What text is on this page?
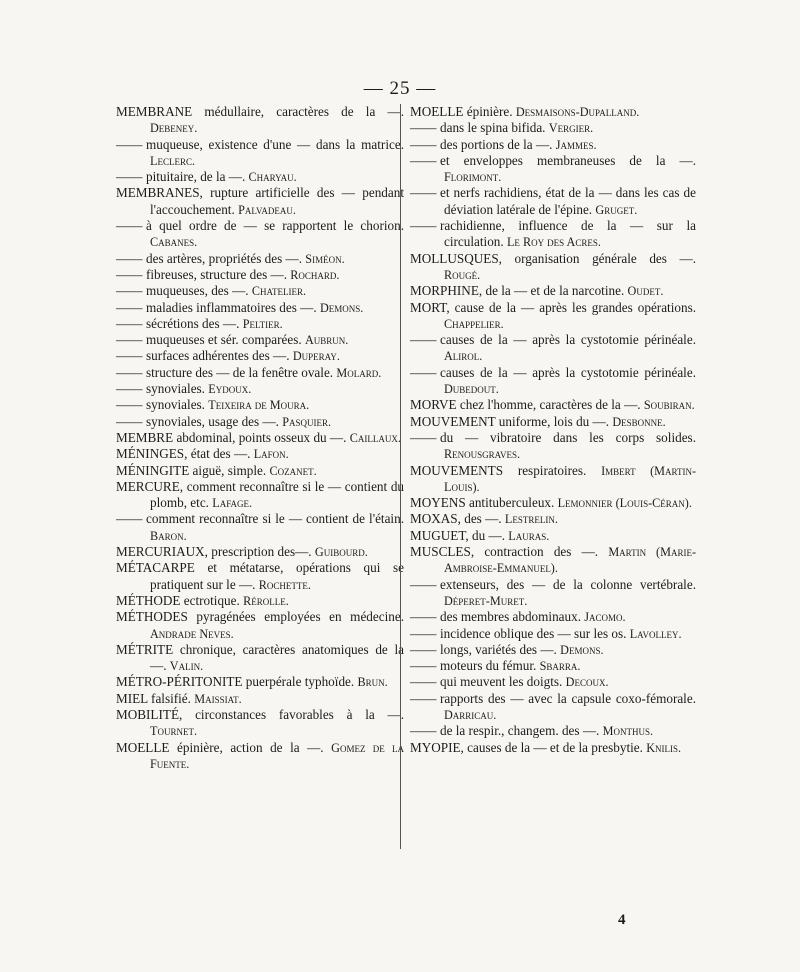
— 25 —
MEMBRANE médullaire, caractères de la —. Debeney.
—— muqueuse, existence d'une — dans la matrice. Leclerc.
—— pituitaire, de la —. Charyau.
MEMBRANES, rupture artificielle des — pendant l'accouchement. Palvadeau.
—— à quel ordre de — se rapportent le chorion. Cabanes.
—— des artères, propriétés des —. Siméon.
—— fibreuses, structure des —. Rochard.
—— muqueuses, des —. Chatelier.
—— maladies inflammatoires des —. Demons.
—— sécrétions des —. Peltier.
—— muqueuses et sér. comparées. Aubrun.
—— surfaces adhérentes des —. Duperay.
—— structure des — de la fenêtre ovale. Molard.
—— synoviales. Eydoux.
—— synoviales. Teixeira de Moura.
—— synoviales, usage des —. Pasquier.
MEMBRE abdominal, points osseux du —. Caillaux.
MÉNINGES, état des —. Lafon.
MÉNINGITE aiguë, simple. Cozanet.
MERCURE, comment reconnaître si le — contient du plomb, etc. Lafage.
—— comment reconnaître si le — contient de l'étain. Baron.
MERCURIAUX, prescription des—. Guibourd.
MÉTACARPE et métatarse, opérations qui se pratiquent sur le —. Rochette.
MÉTHODE ectrotique. Rérolle.
MÉTHODES pyragénées employées en médecine. Andrade Neves.
MÉTRITE chronique, caractères anatomiques de la —. Valin.
MÉTRO-PÉRITONITE puerpérale typhoïde. Brun.
MIEL falsifié. Maissiat.
MOBILITÉ, circonstances favorables à la —. Tournet.
MOELLE épinière, action de la —. Gomez de la Fuente.
MOELLE épinière. Desmaisons-Dupalland.
—— dans le spina bifida. Vergier.
—— des portions de la —. Jammes.
—— et enveloppes membraneuses de la —. Florimont.
—— et nerfs rachidiens, état de la — dans les cas de déviation latérale de l'épine. Gruget.
—— rachidienne, influence de la — sur la circulation. Le Roy des Acres.
MOLLUSQUES, organisation générale des —. Rougé.
MORPHINE, de la — et de la narcotine. Oudet.
MORT, cause de la — après les grandes opérations. Chappelier.
—— causes de la — après la cystotomie périnéale. Alirol.
—— causes de la — après la cystotomie périnéale. Dubedout.
MORVE chez l'homme, caractères de la —. Soubiran.
MOUVEMENT uniforme, lois du —. Desbonne.
—— du — vibratoire dans les corps solides. Renousgraves.
MOUVEMENTS respiratoires. Imbert (Martin-Louis).
MOYENS antituberculeux. Lemonnier (Louis-Céran).
MOXAS, des —. Lestrelin.
MUGUET, du —. Lauras.
MUSCLES, contraction des —. Martin (Marie-Ambroise-Emmanuel).
—— extenseurs, des — de la colonne vertébrale. Déperet-Muret.
—— des membres abdominaux. Jacomo.
—— incidence oblique des — sur les os. Lavolley.
—— longs, variétés des —. Demons.
—— moteurs du fémur. Sbarra.
—— qui meuvent les doigts. Decoux.
—— rapports des — avec la capsule coxo-fémorale. Darricau.
—— de la respir., changem. des —. Monthus.
MYOPIE, causes de la — et de la presbytie. Knilis.
4
